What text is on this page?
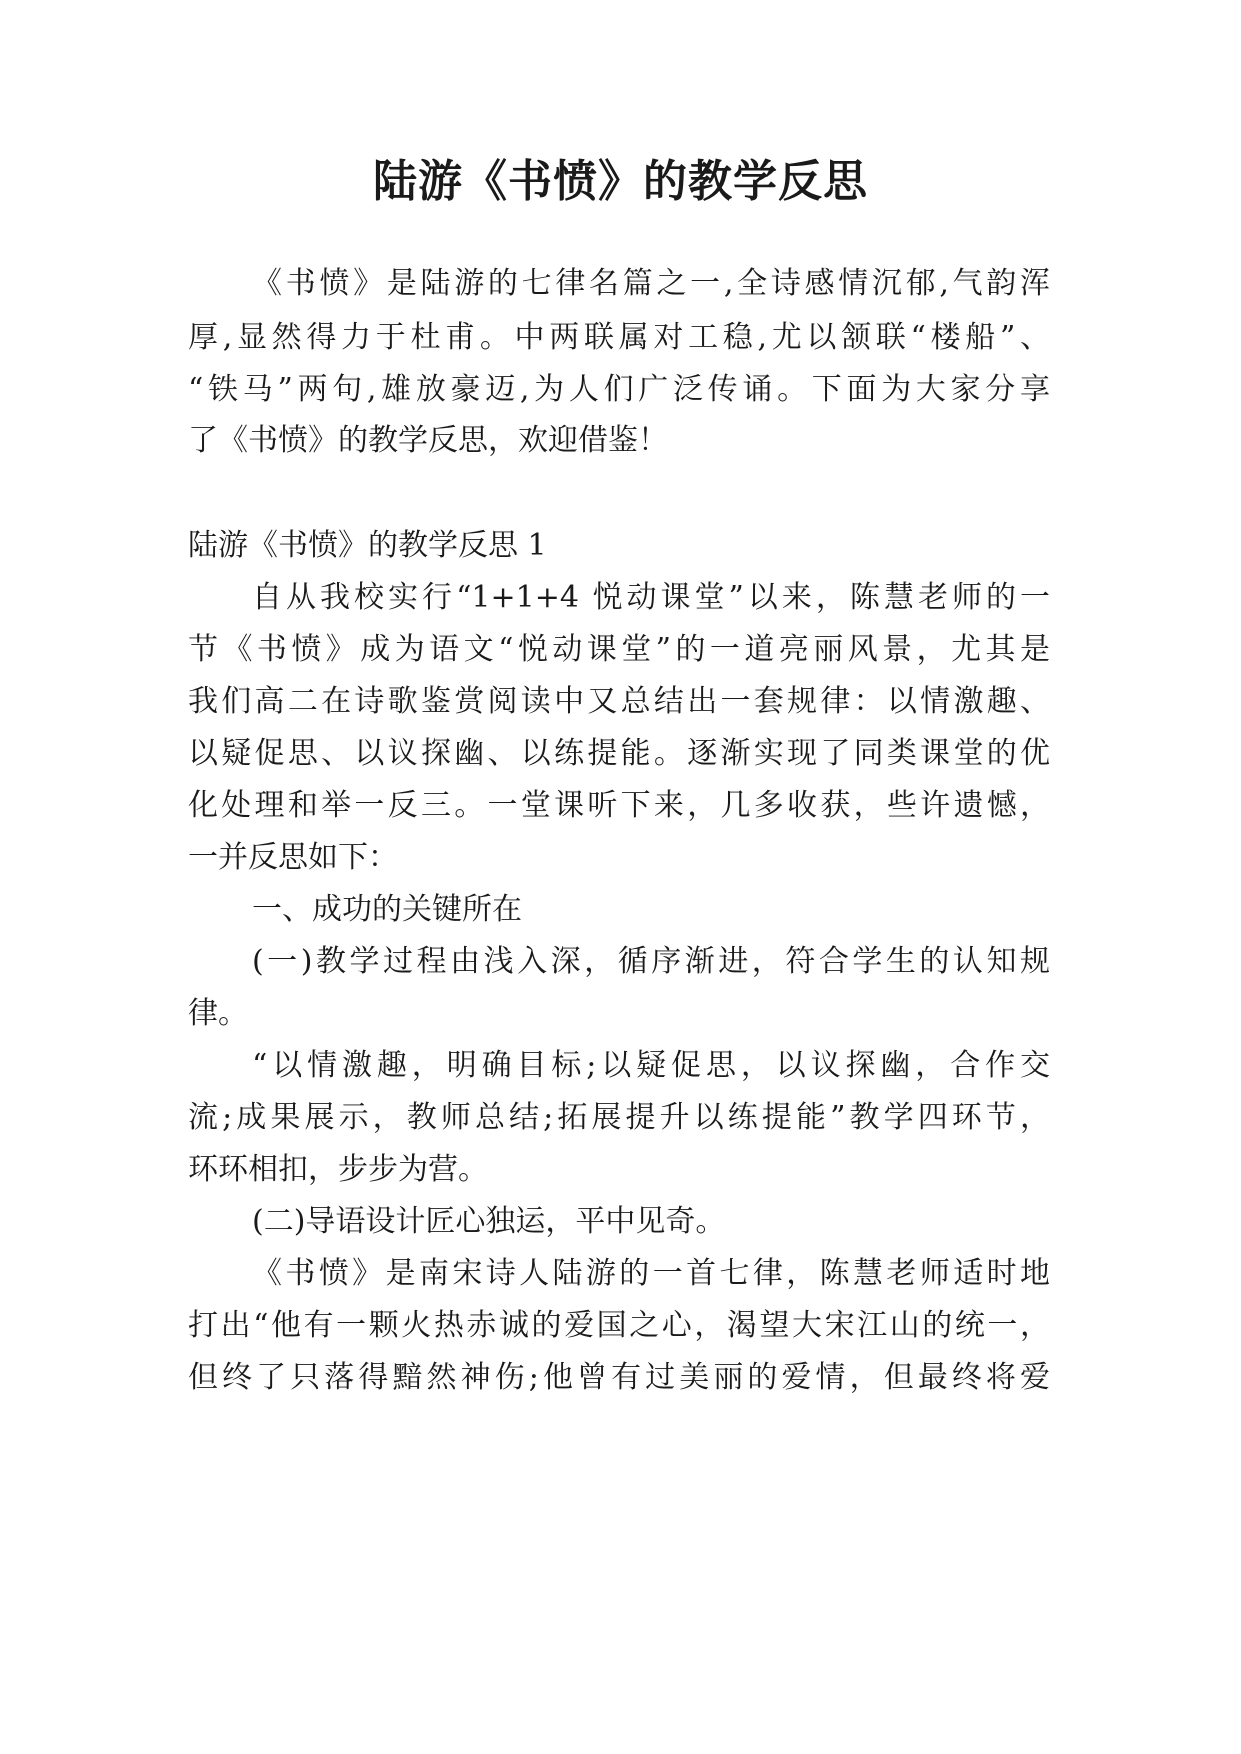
陆游《书愤》的教学反思
《书愤》是陆游的七律名篇之一,全诗感情沉郁,气韵浑
厚,显然得力于杜甫。中两联属对工稳,尤以颔联“楼船”、
“铁马”两句,雄放豪迈,为人们广泛传诵。下面为大家分享
了《书愤》的教学反思，欢迎借鉴！
陆游《书愤》的教学反思 1
自从我校实行“1+1+4 悦动课堂”以来，陈慧老师的一
节《书愤》成为语文“悦动课堂”的一道亮丽风景，尤其是
我们高二在诗歌鉴赏阅读中又总结出一套规律：以情激趣、
以疑促思、以议探幽、以练提能。逐渐实现了同类课堂的优
化处理和举一反三。一堂课听下来，几多收获，些许遗憾，
一并反思如下：
一、成功的关键所在
(一)教学过程由浅入深，循序渐进，符合学生的认知规
律。
“以情激趣，明确目标;以疑促思，以议探幽，合作交
流;成果展示，教师总结;拓展提升以练提能”教学四环节，
环环相扣，步步为营。
(二)导语设计匠心独运，平中见奇。
《书愤》是南宋诗人陆游的一首七律，陈慧老师适时地
打出“他有一颗火热赤诚的爱国之心，渴望大宋江山的统一，
但终了只落得黯然神伤;他曾有过美丽的爱情，但最终将爱
